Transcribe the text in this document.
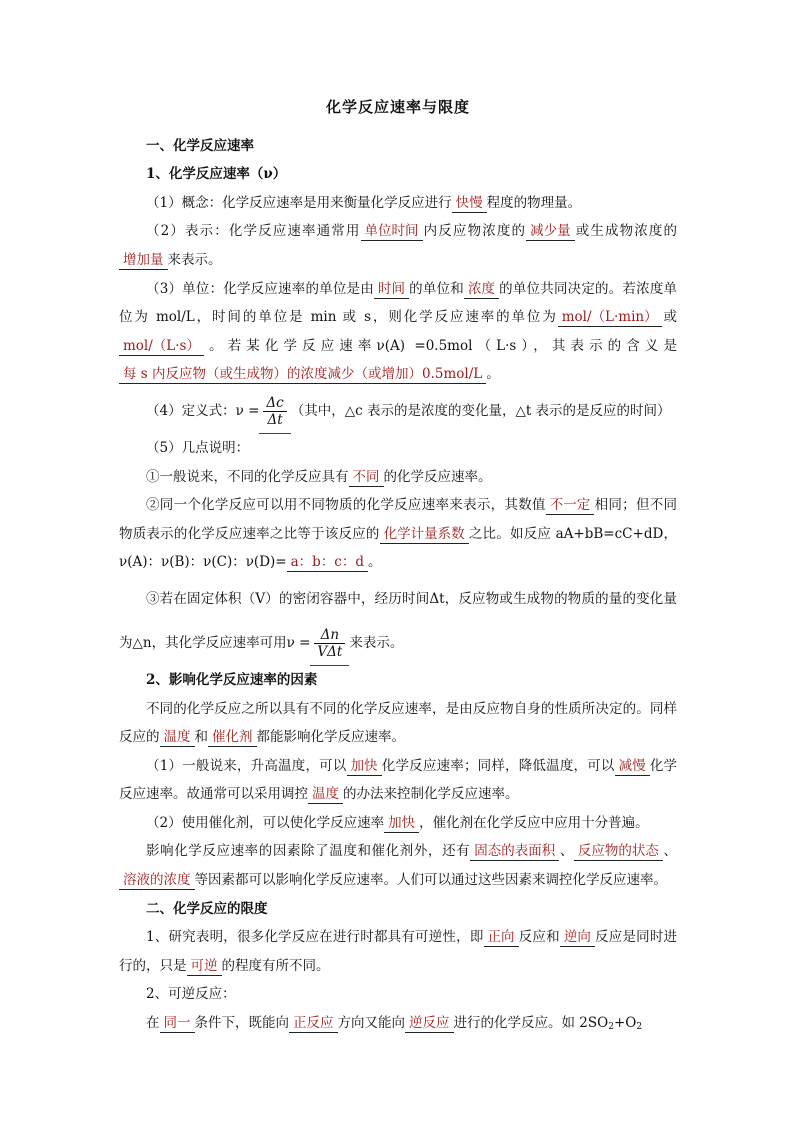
化学反应速率与限度

一、化学反应速率

1、化学反应速率（ν）

（1）概念：化学反应速率是用来衡量化学反应进行 快慢 程度的物理量。

（2）表示：化学反应速率通常用 单位时间 内反应物浓度的 减少量 或生成物浓度的增加量 来表示。

（3）单位：化学反应速率的单位是由 时间 的单位和 浓度 的单位共同决定的。若浓度单位为 mol/L，时间的单位是 min 或 s，则化学反应速率的单位为 mol/（L·min） 或mol/（L·s） 。若某化学反应速率ν(A) =0.5mol（L·s），其表示的含义是每 s 内反应物（或生成物）的浓度减少（或增加）0.5mol/L 。

（4）定义式：$\nu = \frac{\Delta c}{\Delta t}$ （其中，△c 表示的是浓度的变化量，△t 表示的是反应的时间）

（5）几点说明：

①一般说来，不同的化学反应具有 不同 的化学反应速率。

②同一个化学反应可以用不同物质的化学反应速率来表示，其数值 不一定 相同；但不同物质表示的化学反应速率之比等于该反应的 化学计量系数 之比。如反应 aA+bB=cC+dD，ν(A)：ν(B)：ν(C)：ν(D)= a：b：c：d 。

③若在固定体积（V）的密闭容器中，经历时间Δt，反应物或生成物的物质的量的变化量为△n，其化学反应速率可用$\nu = \frac{\Delta n}{\text{VΔt}}$ 来表示。

2、影响化学反应速率的因素

不同的化学反应之所以具有不同的化学反应速率，是由反应物自身的性质所决定的。同样反应的 温度 和 催化剂 都能影响化学反应速率。

（1）一般说来，升高温度，可以 加快 化学反应速率；同样，降低温度，可以 减慢 化学反应速率。故通常可以采用调控 温度 的办法来控制化学反应速率。

（2）使用催化剂，可以使化学反应速率 加快 ，催化剂在化学反应中应用十分普遍。

影响化学反应速率的因素除了温度和催化剂外，还有 固态的表面积 、 反应物的状态 、溶液的浓度 等因素都可以影响化学反应速率。人们可以通过这些因素来调控化学反应速率。

二、化学反应的限度

1、研究表明，很多化学反应在进行时都具有可逆性，即 正向 反应和 逆向 反应是同时进行的，只是 可逆 的程度有所不同。

2、可逆反应：

在 同一 条件下，既能向 正反应 方向又能向 逆反应 进行的化学反应。如 $2SO_2+O_2$
